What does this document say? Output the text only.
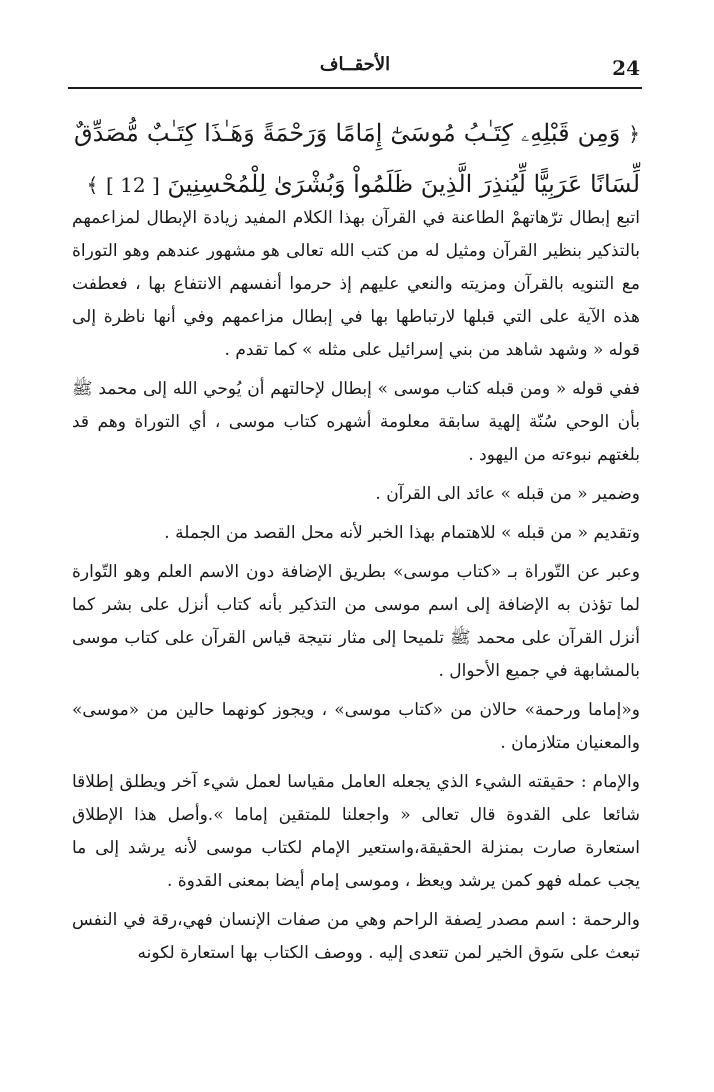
24
الأحقــاف
﴿ وَمِن قَبْلِهِۦ كِتَـٰبُ مُوسَىٰٓ إِمَامًا وَرَحْمَةً وَهَـٰذَا كِتَـٰبٌ مُّصَدِّقٌ لِّسَانًا عَرَبِيًّا لِّيُنذِرَ الَّذِينَ ظَلَمُواْ وَبُشْرَىٰ لِلْمُحْسِنِينَ [ 12 ] ﴾

اتبع إبطال ترّهاتهمْ الطاعنة في القرآن بهذا الكلام المفيد زيادة الإبطال لمزاعمهم بالتذكير بنظير القرآن ومثيل له من كتب الله تعالى هو مشهور عندهم وهو التوراة مع التنويه بالقرآن ومزيته والنعي عليهم إذ حرموا أنفسهم الانتفاع بها ، فعطفت هذه الآية على التي قبلها لارتباطها بها في إبطال مزاعمهم وفي أنها ناظرة إلى قوله « وشهد شاهد من بني إسرائيل على مثله » كما تقدم .

ففي قوله « ومن قبله كتاب موسى » إبطال لإحالتهم أن يُوحي الله إلى محمد ﷺ بأن الوحي سُنّة إلهية سابقة معلومة أشهره كتاب موسى ، أي التوراة وهم قد بلغتهم نبوءته من اليهود .

وضمير « من قبله » عائد الى القرآن .

وتقديم « من قبله » للاهتمام بهذا الخبر لأنه محل القصد من الجملة .

وعبر عن التّوراة بـ «كتاب موسى» بطريق الإضافة دون الاسم العلم وهو التّوارة لما تؤذن به الإضافة إلى اسم موسى من التذكير بأنه كتاب أنزل على بشر كما أنزل القرآن على محمد ﷺ تلميحا إلى مثار نتيجة قياس القرآن على كتاب موسى بالمشابهة في جميع الأحوال .

و«إماما ورحمة» حالان من «كتاب موسى» ، ويجوز كونهما حالين من «موسى» والمعنيان متلازمان .

والإمام : حقيقته الشيء الذي يجعله العامل مقياسا لعمل شيء آخر ويطلق إطلاقا شائعا على القدوة قال تعالى « واجعلنا للمتقين إماما ».وأصل هذا الإطلاق استعارة صارت بمنزلة الحقيقة،واستعير الإمام لكتاب موسى لأنه يرشد إلى ما يجب عمله فهو كمن يرشد ويعظ ، وموسى إمام أيضا بمعنى القدوة .

والرحمة : اسم مصدر لِصفة الراحم وهي من صفات الإنسان فهي،رقة في النفس تبعث على سَوق الخير لمن تتعدى إليه . ووصف الكتاب بها استعارة لكونه
